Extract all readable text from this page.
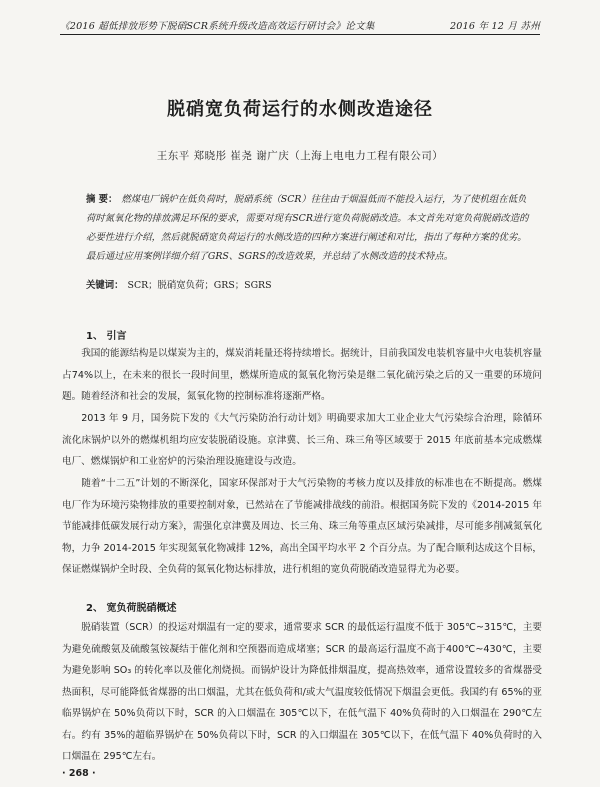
《2016 超低排放形势下脱硝SCR系统升级改造高效运行研讨会》论文集	2016 年 12 月 苏州
脱硝宽负荷运行的水侧改造途径
王东平 郑晓彤 崔尧 谢广庆（上海上电电力工程有限公司）
摘 要： 燃煤电厂锅炉在低负荷时，脱硝系统（SCR）往往由于烟温低而不能投入运行，为了使机组在低负荷时氮氧化物的排放满足环保的要求，需要对现有SCR进行宽负荷脱硝改造。本文首先对宽负荷脱硝改造的必要性进行介绍，然后就脱硝宽负荷运行的水侧改造的四种方案进行阐述和对比，指出了每种方案的优劣。最后通过应用案例详细介绍了GRS、SGRS的改造效果，并总结了水侧改造的技术特点。
关键词： SCR；脱硝宽负荷；GRS；SGRS
1、 引言
我国的能源结构是以煤炭为主的，煤炭消耗量还将持续增长。据统计，目前我国发电装机容量中火电装机容量占74%以上，在未来的很长一段时间里，燃煤所造成的氮氧化物污染是继二氧化硫污染之后的又一重要的环境问题。随着经济和社会的发展，氮氧化物的控制标准将逐渐严格。
2013 年 9 月，国务院下发的《大气污染防治行动计划》明确要求加大工业企业大气污染综合治理，除循环流化床锅炉以外的燃煤机组均应安装脱硝设施。京津冀、长三角、珠三角等区域要于 2015 年底前基本完成燃煤电厂、燃煤锅炉和工业窑炉的污染治理设施建设与改造。
随着“十二五”计划的不断深化，国家环保部对于大气污染物的考核力度以及排放的标准也在不断提高。燃煤电厂作为环境污染物排放的重要控制对象，已然站在了节能减排战线的前沿。根据国务院下发的《2014-2015 年节能减排低碳发展行动方案》，需强化京津冀及周边、长三角、珠三角等重点区域污染减排，尽可能多削减氮氧化物，力争 2014-2015 年实现氮氧化物减排 12%，高出全国平均水平 2 个百分点。为了配合顺利达成这个目标，保证燃煤锅炉全时段、全负荷的氮氧化物达标排放，进行机组的宽负荷脱硝改造显得尤为必要。
2、 宽负荷脱硝概述
脱硝装置（SCR）的投运对烟温有一定的要求，通常要求 SCR 的最低运行温度不低于 305℃~315℃，主要为避免硫酸氨及硫酸氢铵凝结于催化剂和空预器而造成堵塞；SCR 的最高运行温度不高于400℃~430℃，主要为避免影响 SO₃ 的转化率以及催化剂烧损。而锅炉设计为降低排烟温度，提高热效率，通常设置较多的省煤器受热面积，尽可能降低省煤器的出口烟温，尤其在低负荷和/或大气温度较低情况下烟温会更低。我国约有 65%的亚临界锅炉在 50%负荷以下时，SCR 的入口烟温在 305℃以下，在低气温下 40%负荷时的入口烟温在 290℃左右。约有 35%的超临界锅炉在 50%负荷以下时，SCR 的入口烟温在 305℃以下，在低气温下 40%负荷时的入口烟温在 295℃左右。
· 268 ·
